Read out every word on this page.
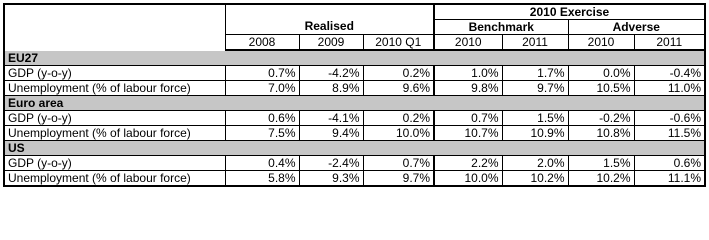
				2010 Exercise			
	Realised			Benchmark		Adverse	
	2008	2009	2010 Q1	2010	2011	2010	2011
EU27							
GDP (y-o-y)	0.7%	-4.2%	0.2%	1.0%	1.7%	0.0%	-0.4%
Unemployment (% of labour force)	7.0%	8.9%	9.6%	9.8%	9.7%	10.5%	11.0%
Euro area							
GDP (y-o-y)	0.6%	-4.1%	0.2%	0.7%	1.5%	-0.2%	-0.6%
Unemployment (% of labour force)	7.5%	9.4%	10.0%	10.7%	10.9%	10.8%	11.5%
US							
GDP (y-o-y)	0.4%	-2.4%	0.7%	2.2%	2.0%	1.5%	0.6%
Unemployment (% of labour force)	5.8%	9.3%	9.7%	10.0%	10.2%	10.2%	11.1%
